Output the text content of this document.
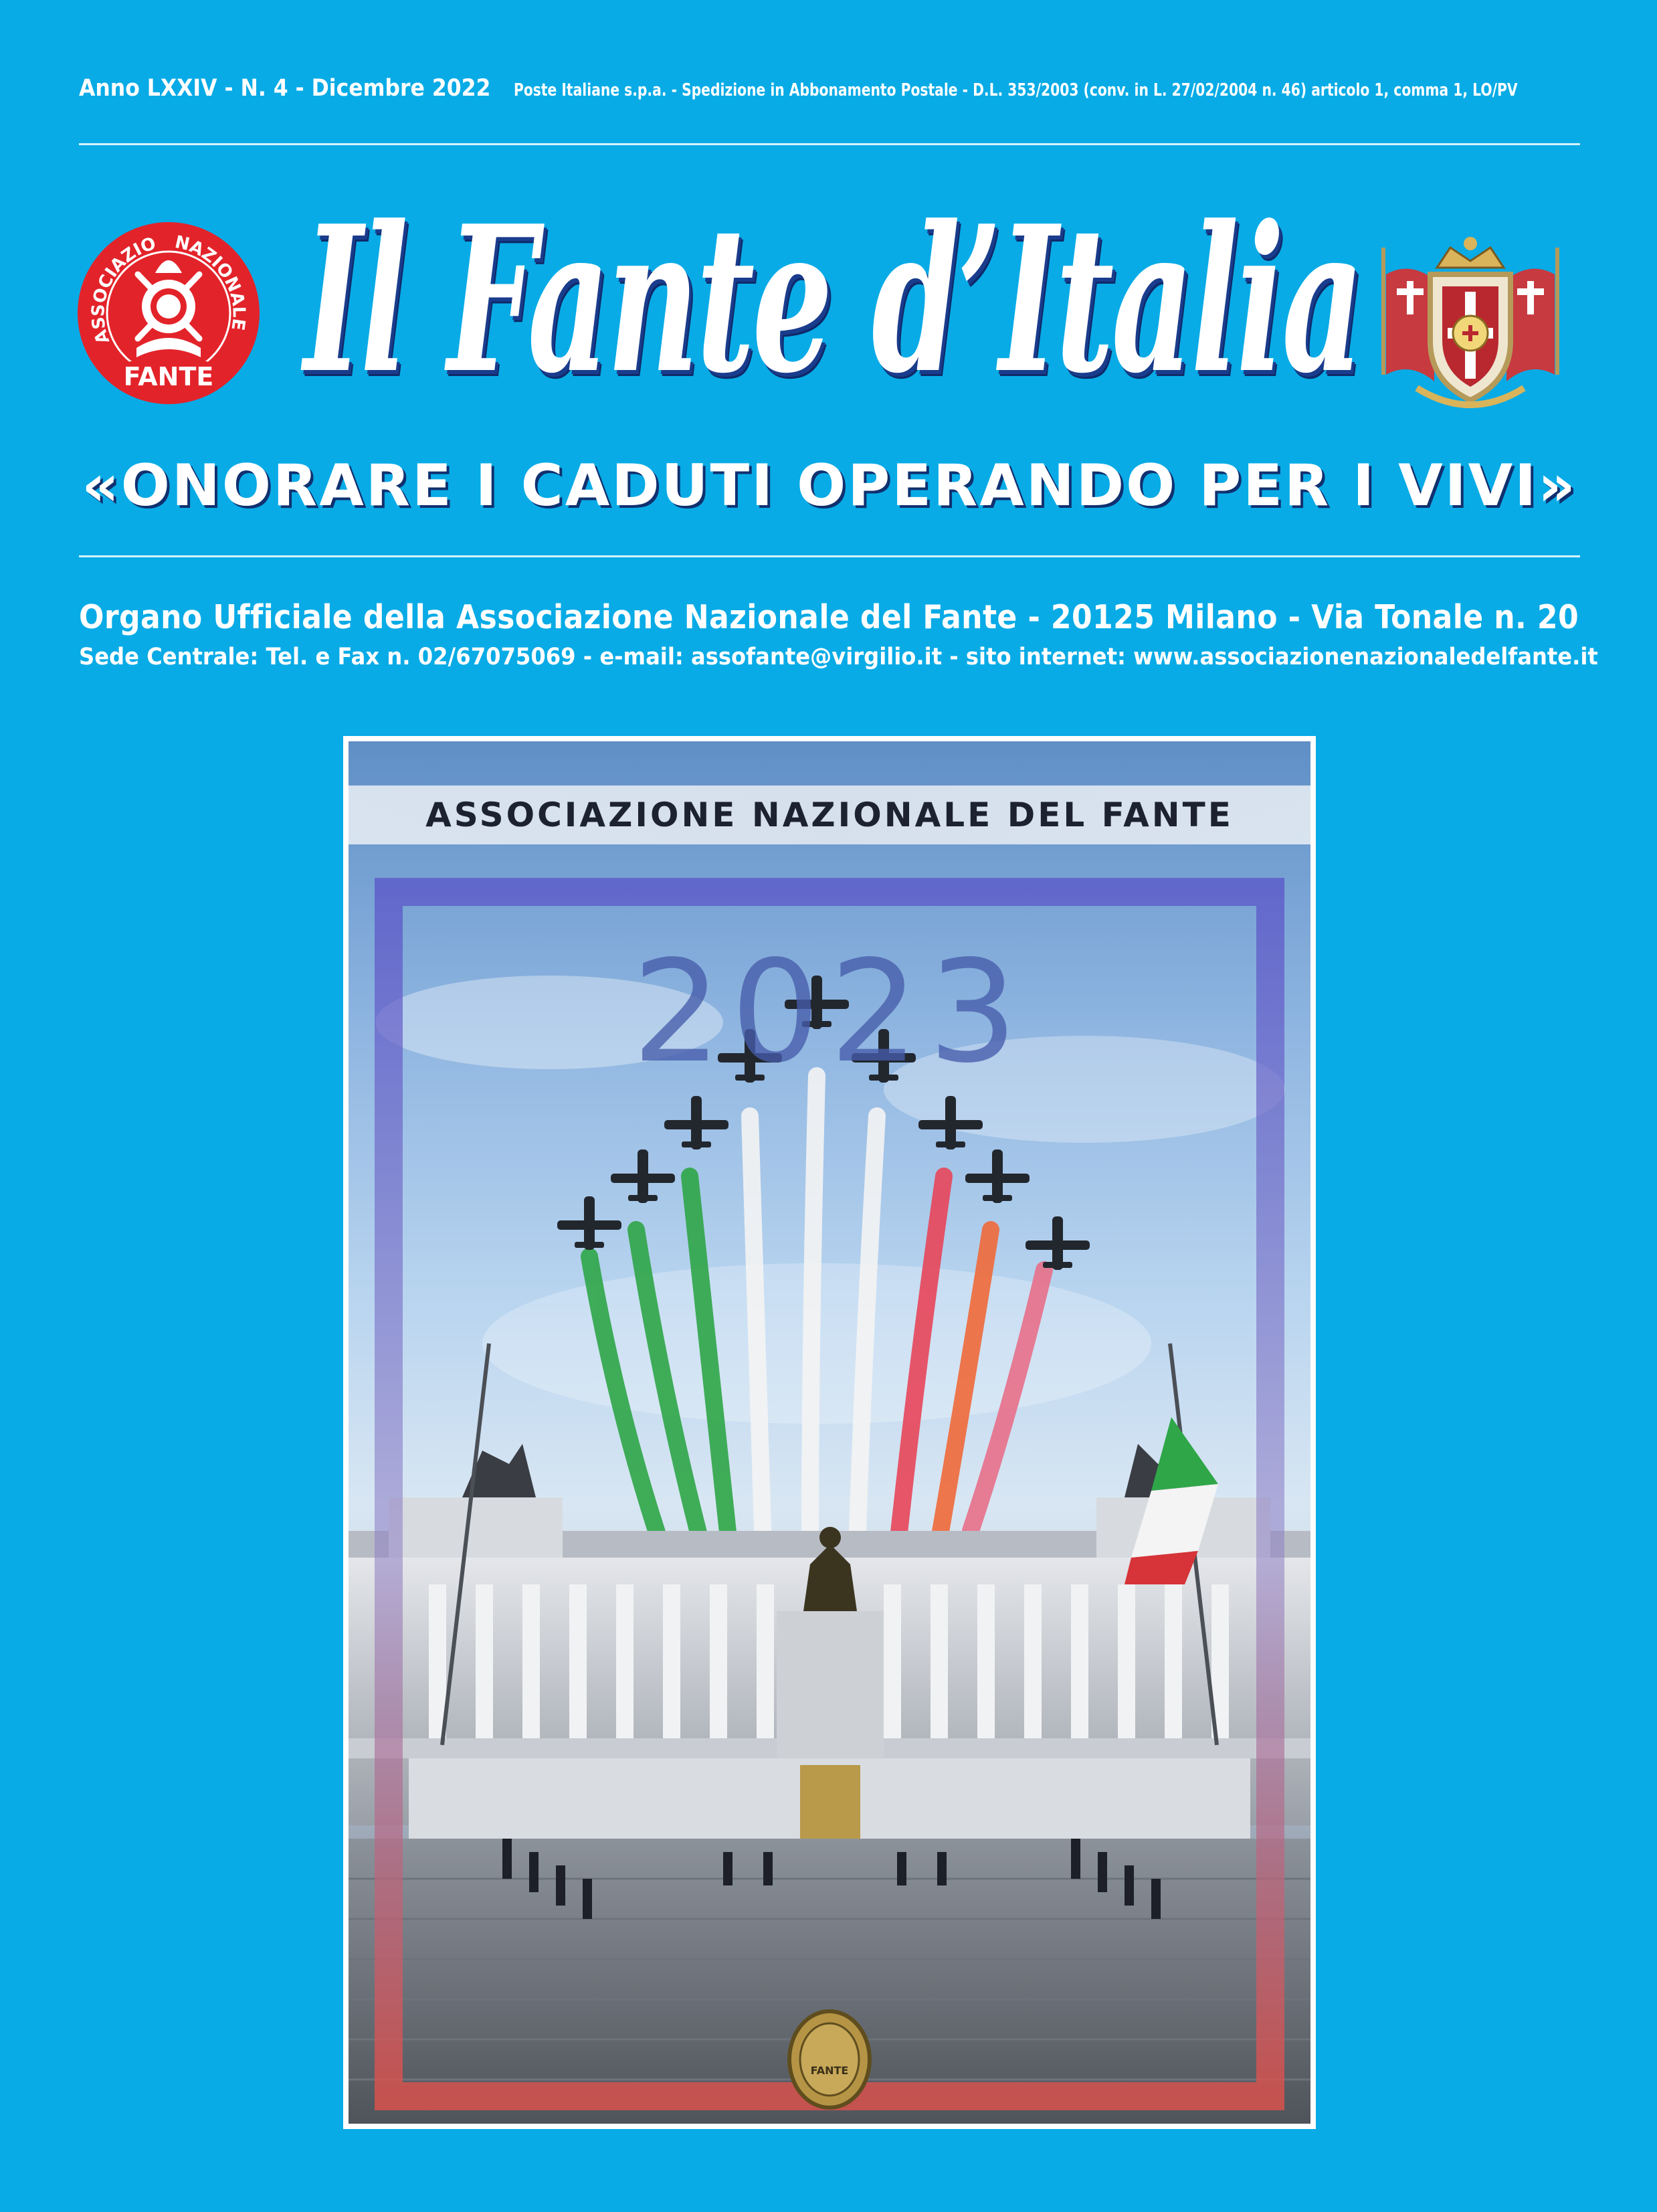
Anno LXXIV - N. 4 - Dicembre 2022 Poste Italiane s.p.a. - Spedizione in Abbonamento Postale - D.L. 353/2003 (conv. in L. 27/02/2004 n. 46) articolo 1, comma 1, LO/PV
ASSOCIAZIO NAZIONALE
FANTE Il Fante d’Italia
«ONORARE I CADUTI OPERANDO PER I VIVI»
Organo Ufficiale della Associazione Nazionale del Fante - 20125 Milano - Via Tonale n. 20
Sede Centrale: Tel. e Fax n. 02/67075069 - e-mail: assofante@virgilio.it - sito internet: www.associazionenazionaledelfante.it
FANTE
ASSOCIAZIONE NAZIONALE DEL FANTE
2023
